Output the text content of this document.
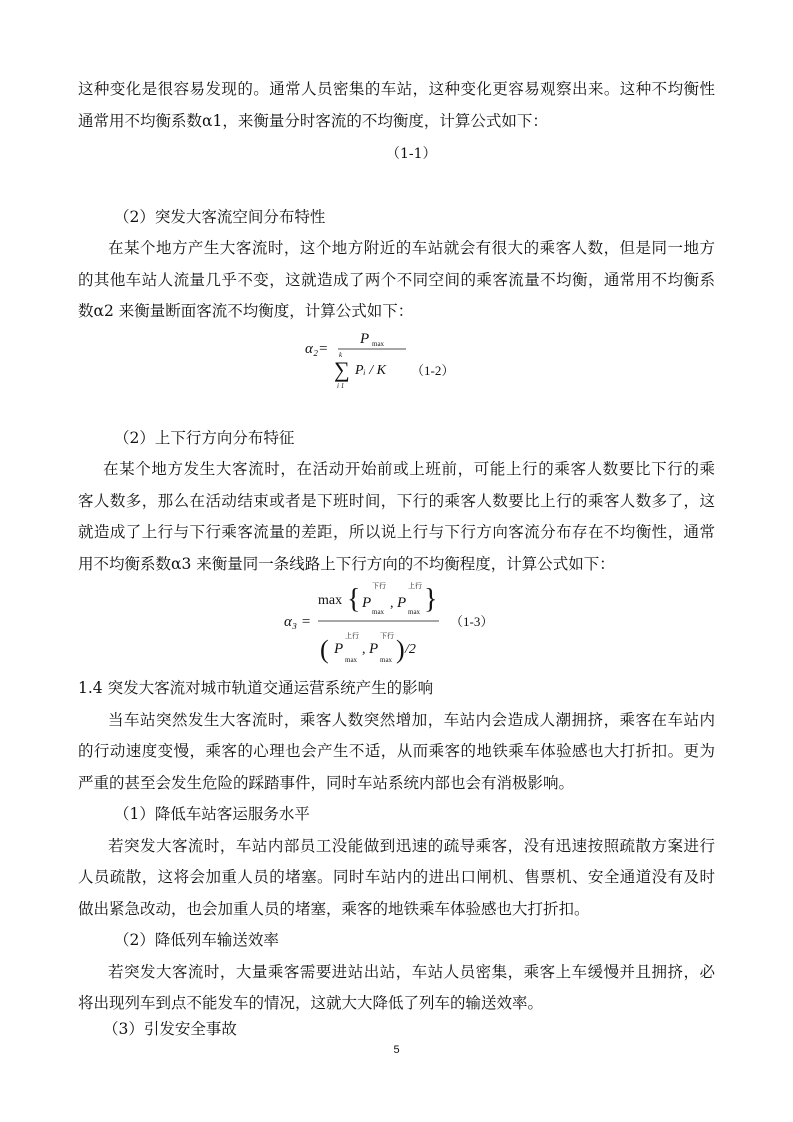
这种变化是很容易发现的。通常人员密集的车站，这种变化更容易观察出来。这种不均衡性
通常用不均衡系数α1，来衡量分时客流的不均衡度，计算公式如下：
（1-1）
（2）突发大客流空间分布特性
在某个地方产生大客流时，这个地方附近的车站就会有很大的乘客人数，但是同一地方
的其他车站人流量几乎不变，这就造成了两个不同空间的乘客流量不均衡，通常用不均衡系
数α2 来衡量断面客流不均衡度，计算公式如下：
α₂=
P max
k
∑
i 1
Pᵢ / K （1-2）
（2）上下行方向分布特征
在某个地方发生大客流时，在活动开始前或上班前，可能上行的乘客人数要比下行的乘
客人数多，那么在活动结束或者是下班时间，下行的乘客人数要比上行的乘客人数多了，这
就造成了上行与下行乘客流量的差距，所以说上行与下行方向客流分布存在不均衡性，通常
用不均衡系数α3 来衡量同一条线路上下行方向的不均衡程度，计算公式如下：
max { P
下行
max
, P
上行
max }
α₃ =
( P
上行
max
, P
下行
max ) /2
（1-3）
1.4 突发大客流对城市轨道交通运营系统产生的影响
当车站突然发生大客流时，乘客人数突然增加，车站内会造成人潮拥挤，乘客在车站内
的行动速度变慢，乘客的心理也会产生不适，从而乘客的地铁乘车体验感也大打折扣。更为
严重的甚至会发生危险的踩踏事件，同时车站系统内部也会有消极影响。
（1）降低车站客运服务水平
若突发大客流时，车站内部员工没能做到迅速的疏导乘客，没有迅速按照疏散方案进行
人员疏散，这将会加重人员的堵塞。同时车站内的进出口闸机、售票机、安全通道没有及时
做出紧急改动，也会加重人员的堵塞，乘客的地铁乘车体验感也大打折扣。
（2）降低列车输送效率
若突发大客流时，大量乘客需要进站出站，车站人员密集，乘客上车缓慢并且拥挤，必
将出现列车到点不能发车的情况，这就大大降低了列车的输送效率。
（3）引发安全事故
5
